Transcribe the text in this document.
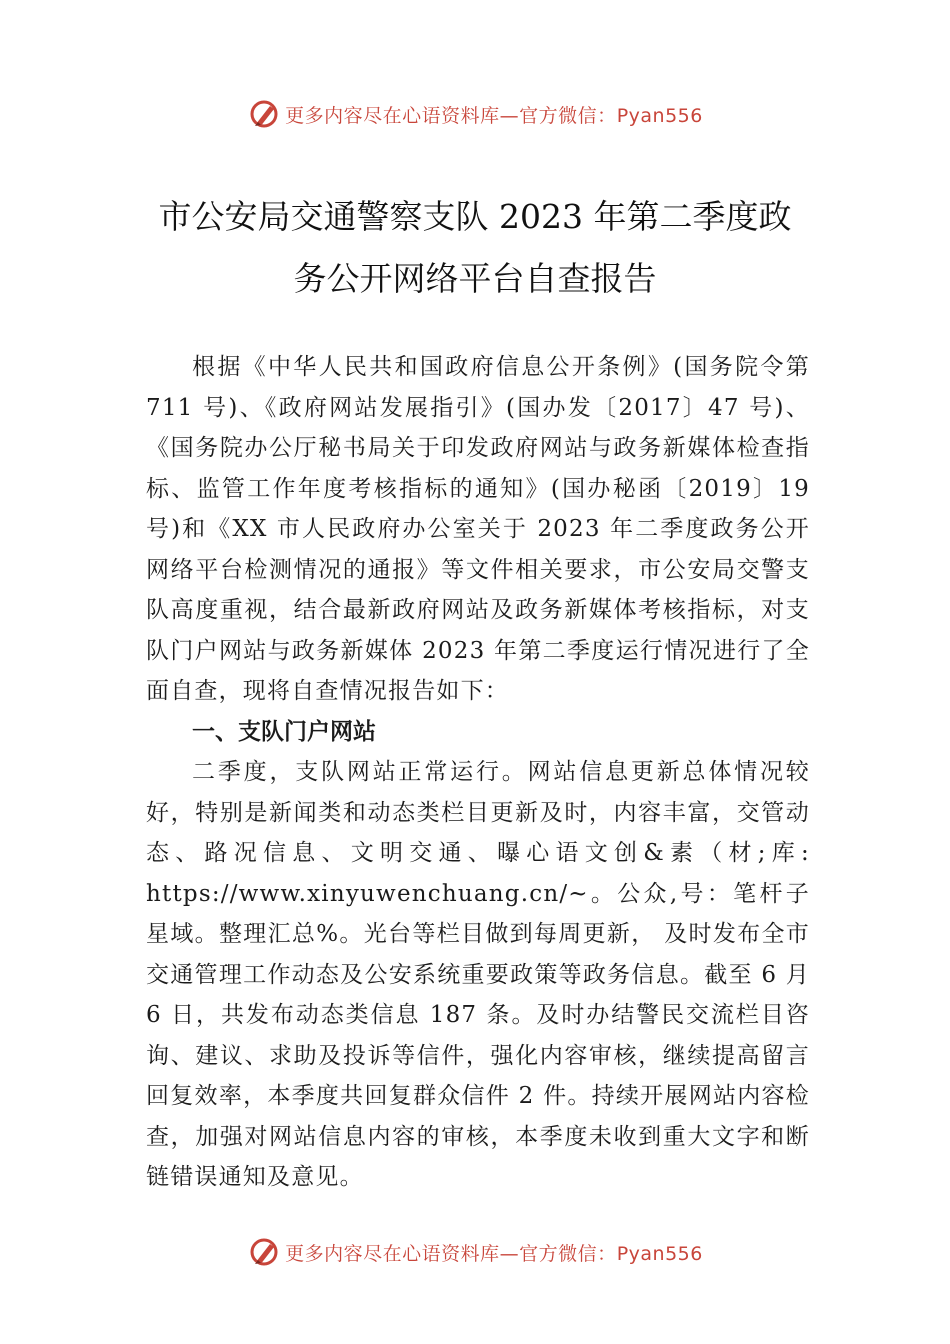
更多内容尽在心语资料库—官方微信：Pyan556
市公安局交通警察支队 2023 年第二季度政
务公开网络平台自查报告

根据《中华人民共和国政府信息公开条例》(国务院令第 711 号)、《政府网站发展指引》(国办发〔2017〕47 号)、《国务院办公厅秘书局关于印发政府网站与政务新媒体检查指 标、监管工作年度考核指标的通知》(国办秘函〔2019〕19 号)和《XX 市人民政府办公室关于 2023 年二季度政务公开网络平台检测情况的通报》等文件相关要求，市公安局交警支队高度重视，结合最新政府网站及政务新媒体考核指标，对支队门户网站与政务新媒体 2023 年第二季度运行情况进行了全面自查，现将自查情况报告如下：

一、支队门户网站

二季度，支队网站正常运行。网站信息更新总体情况较好，特别是新闻类和动态类栏目更新及时，内容丰富，交管动态、路况信息、文明交通、曝心语文创&素（材;库: https://www.xinyuwenchuang.cn/~。公众,号：笔杆子星域。整理汇总%。光台等栏目做到每周更新， 及时发布全市交通管理工作动态及公安系统重要政策等政务信息。截至 6 月 6 日，共发布动态类信息 187 条。及时办结警民交流栏目咨询、建议、求助及投诉等信件，强化内容审核，继续提高留言回复效率，本季度共回复群众信件 2 件。持续开展网站内容检查，加强对网站信息内容的审核，本季度未收到重大文字和断链错误通知及意见。

更多内容尽在心语资料库—官方微信：Pyan556
